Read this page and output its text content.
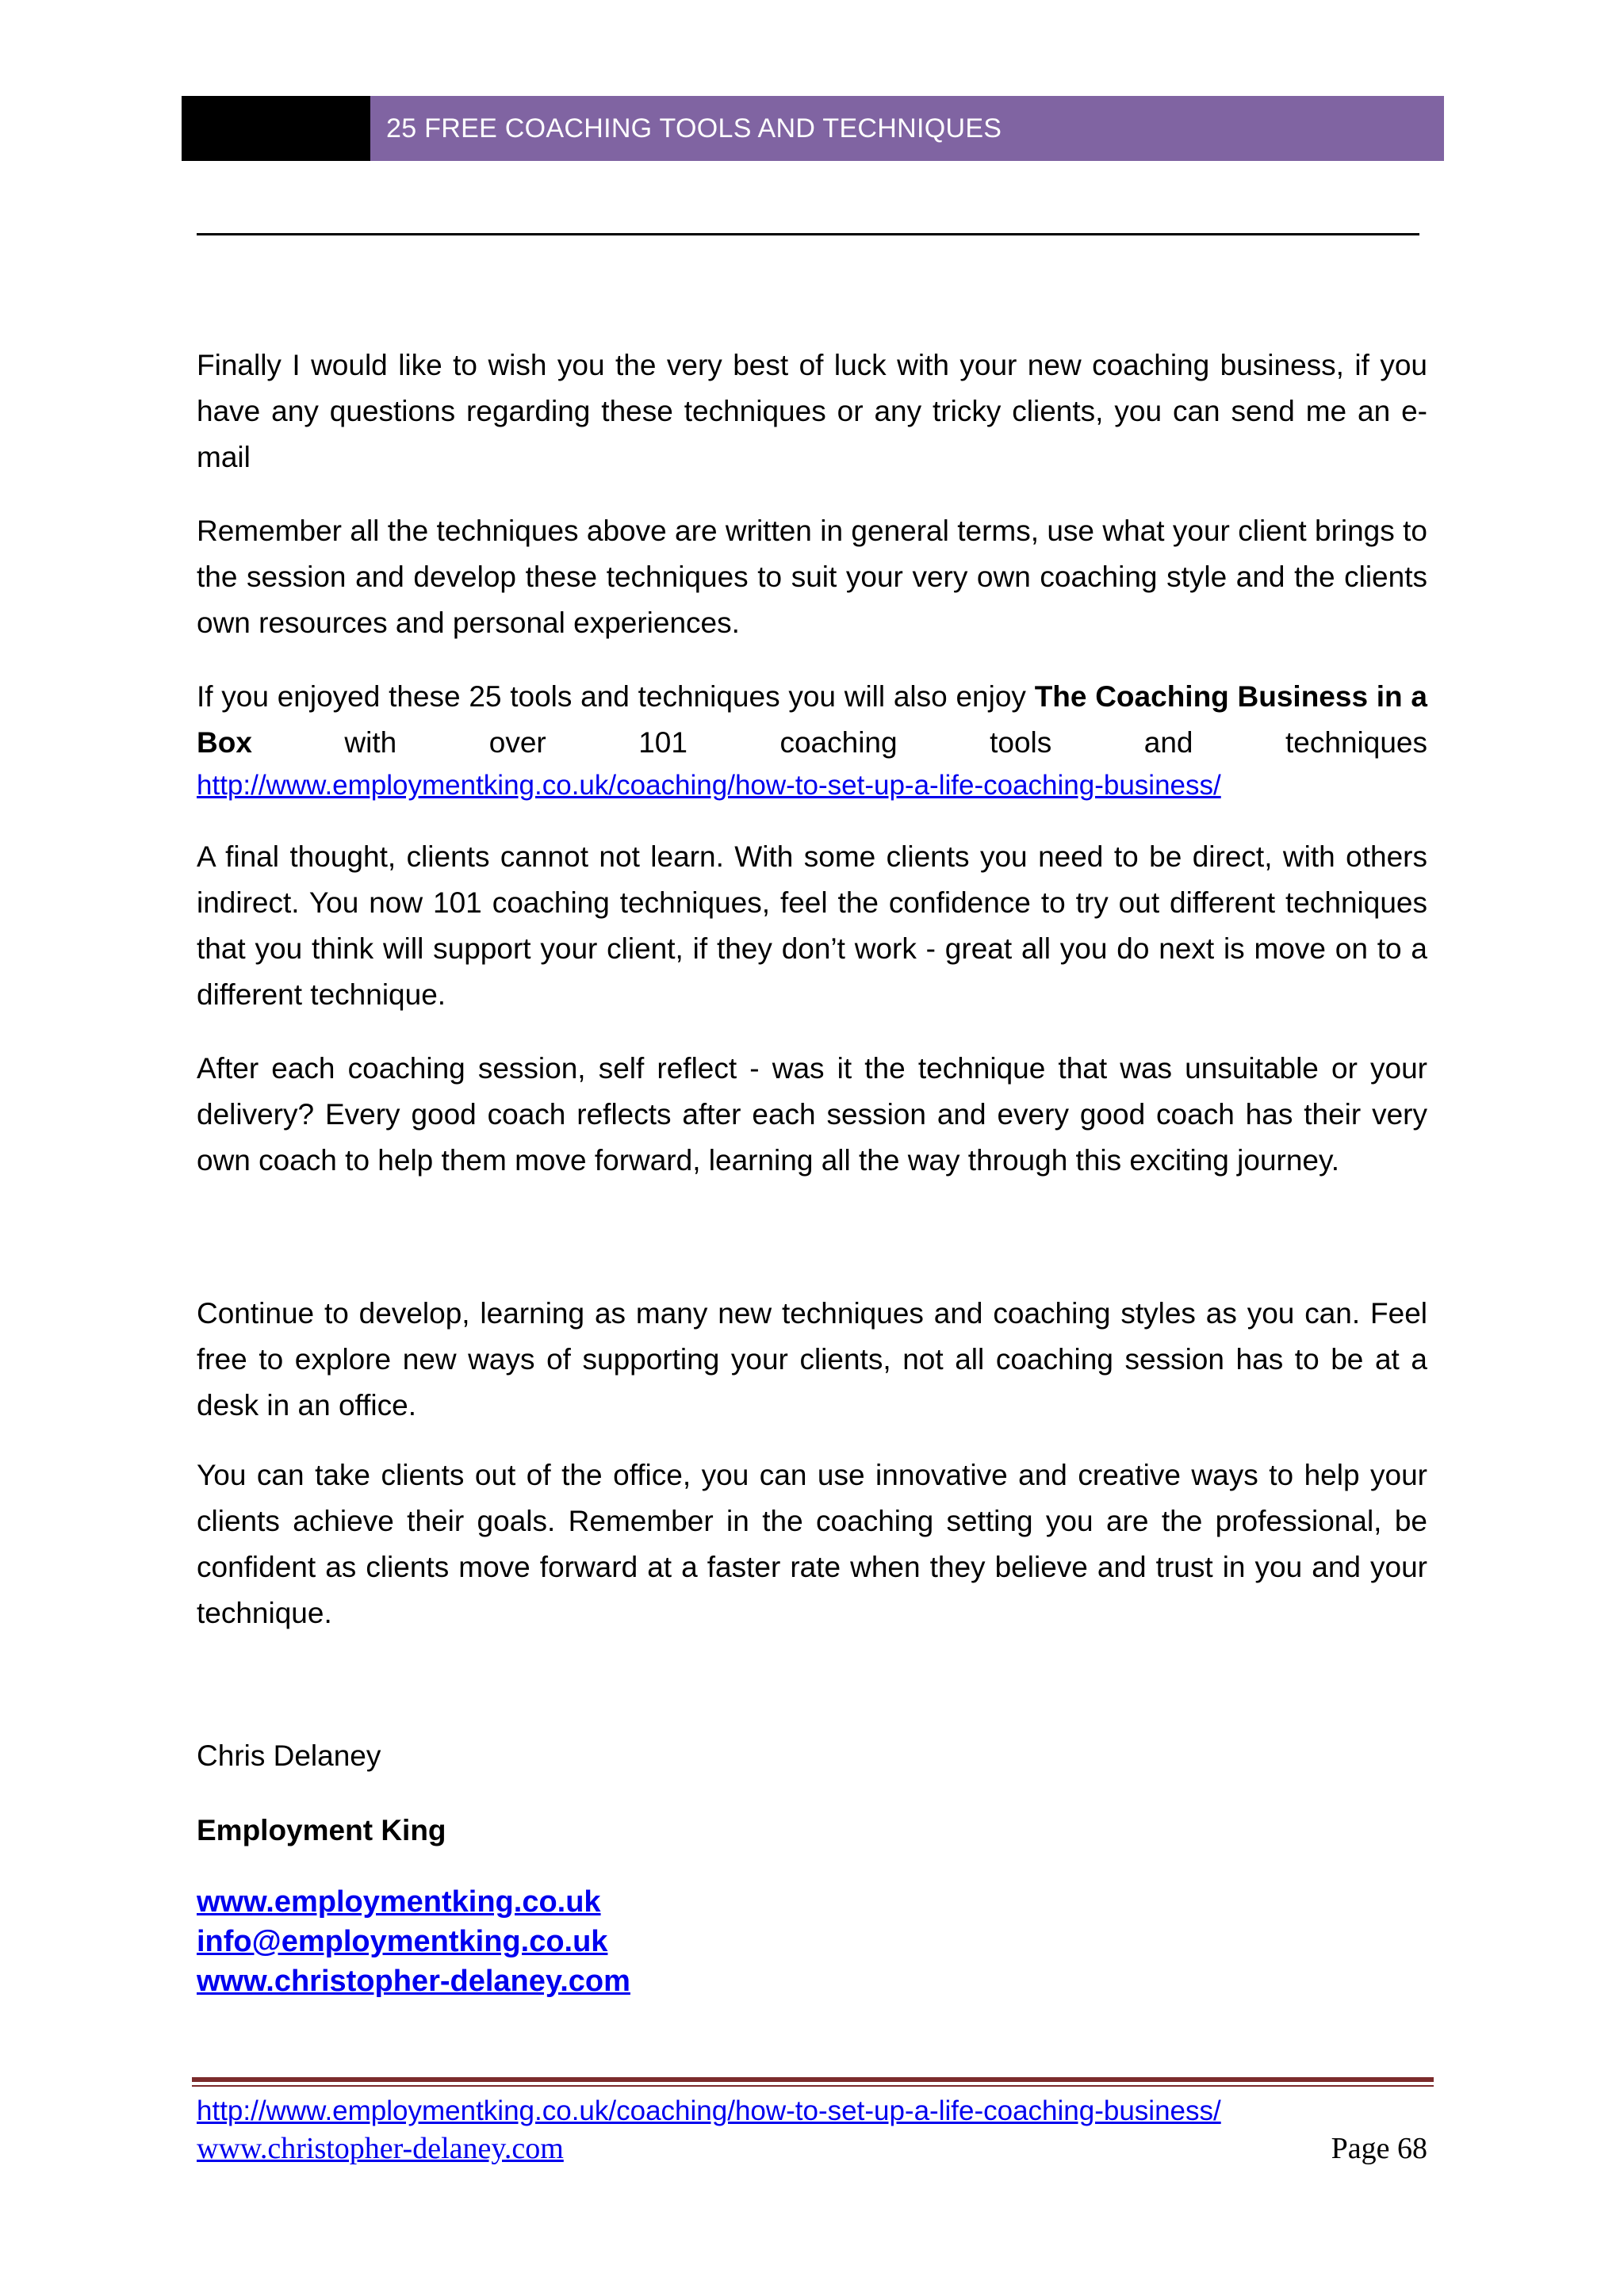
25 FREE COACHING TOOLS AND TECHNIQUES

Finally I would like to wish you the very best of luck with your new coaching business, if you have any questions regarding these techniques or any tricky clients, you can send me an e-mail

Remember all the techniques above are written in general terms, use what your client brings to the session and develop these techniques to suit your very own coaching style and the clients own resources and personal experiences.

If you enjoyed these 25 tools and techniques you will also enjoy The Coaching Business in a Box with over 101 coaching tools and techniques
http://www.employmentking.co.uk/coaching/how-to-set-up-a-life-coaching-business/

A final thought, clients cannot not learn. With some clients you need to be direct, with others indirect. You now 101 coaching techniques, feel the confidence to try out different techniques that you think will support your client, if they don’t work - great all you do next is move on to a different technique.

After each coaching session, self reflect - was it the technique that was unsuitable or your delivery? Every good coach reflects after each session and every good coach has their very own coach to help them move forward, learning all the way through this exciting journey.

Continue to develop, learning as many new techniques and coaching styles as you can. Feel free to explore new ways of supporting your clients, not all coaching session has to be at a desk in an office.

You can take clients out of the office, you can use innovative and creative ways to help your clients achieve their goals. Remember in the coaching setting you are the professional, be confident as clients move forward at a faster rate when they believe and trust in you and your technique.

Chris Delaney
Employment King
www.employmentking.co.uk
info@employmentking.co.uk
www.christopher-delaney.com
http://www.employmentking.co.uk/coaching/how-to-set-up-a-life-coaching-business/
www.christopher-delaney.com	Page 68
